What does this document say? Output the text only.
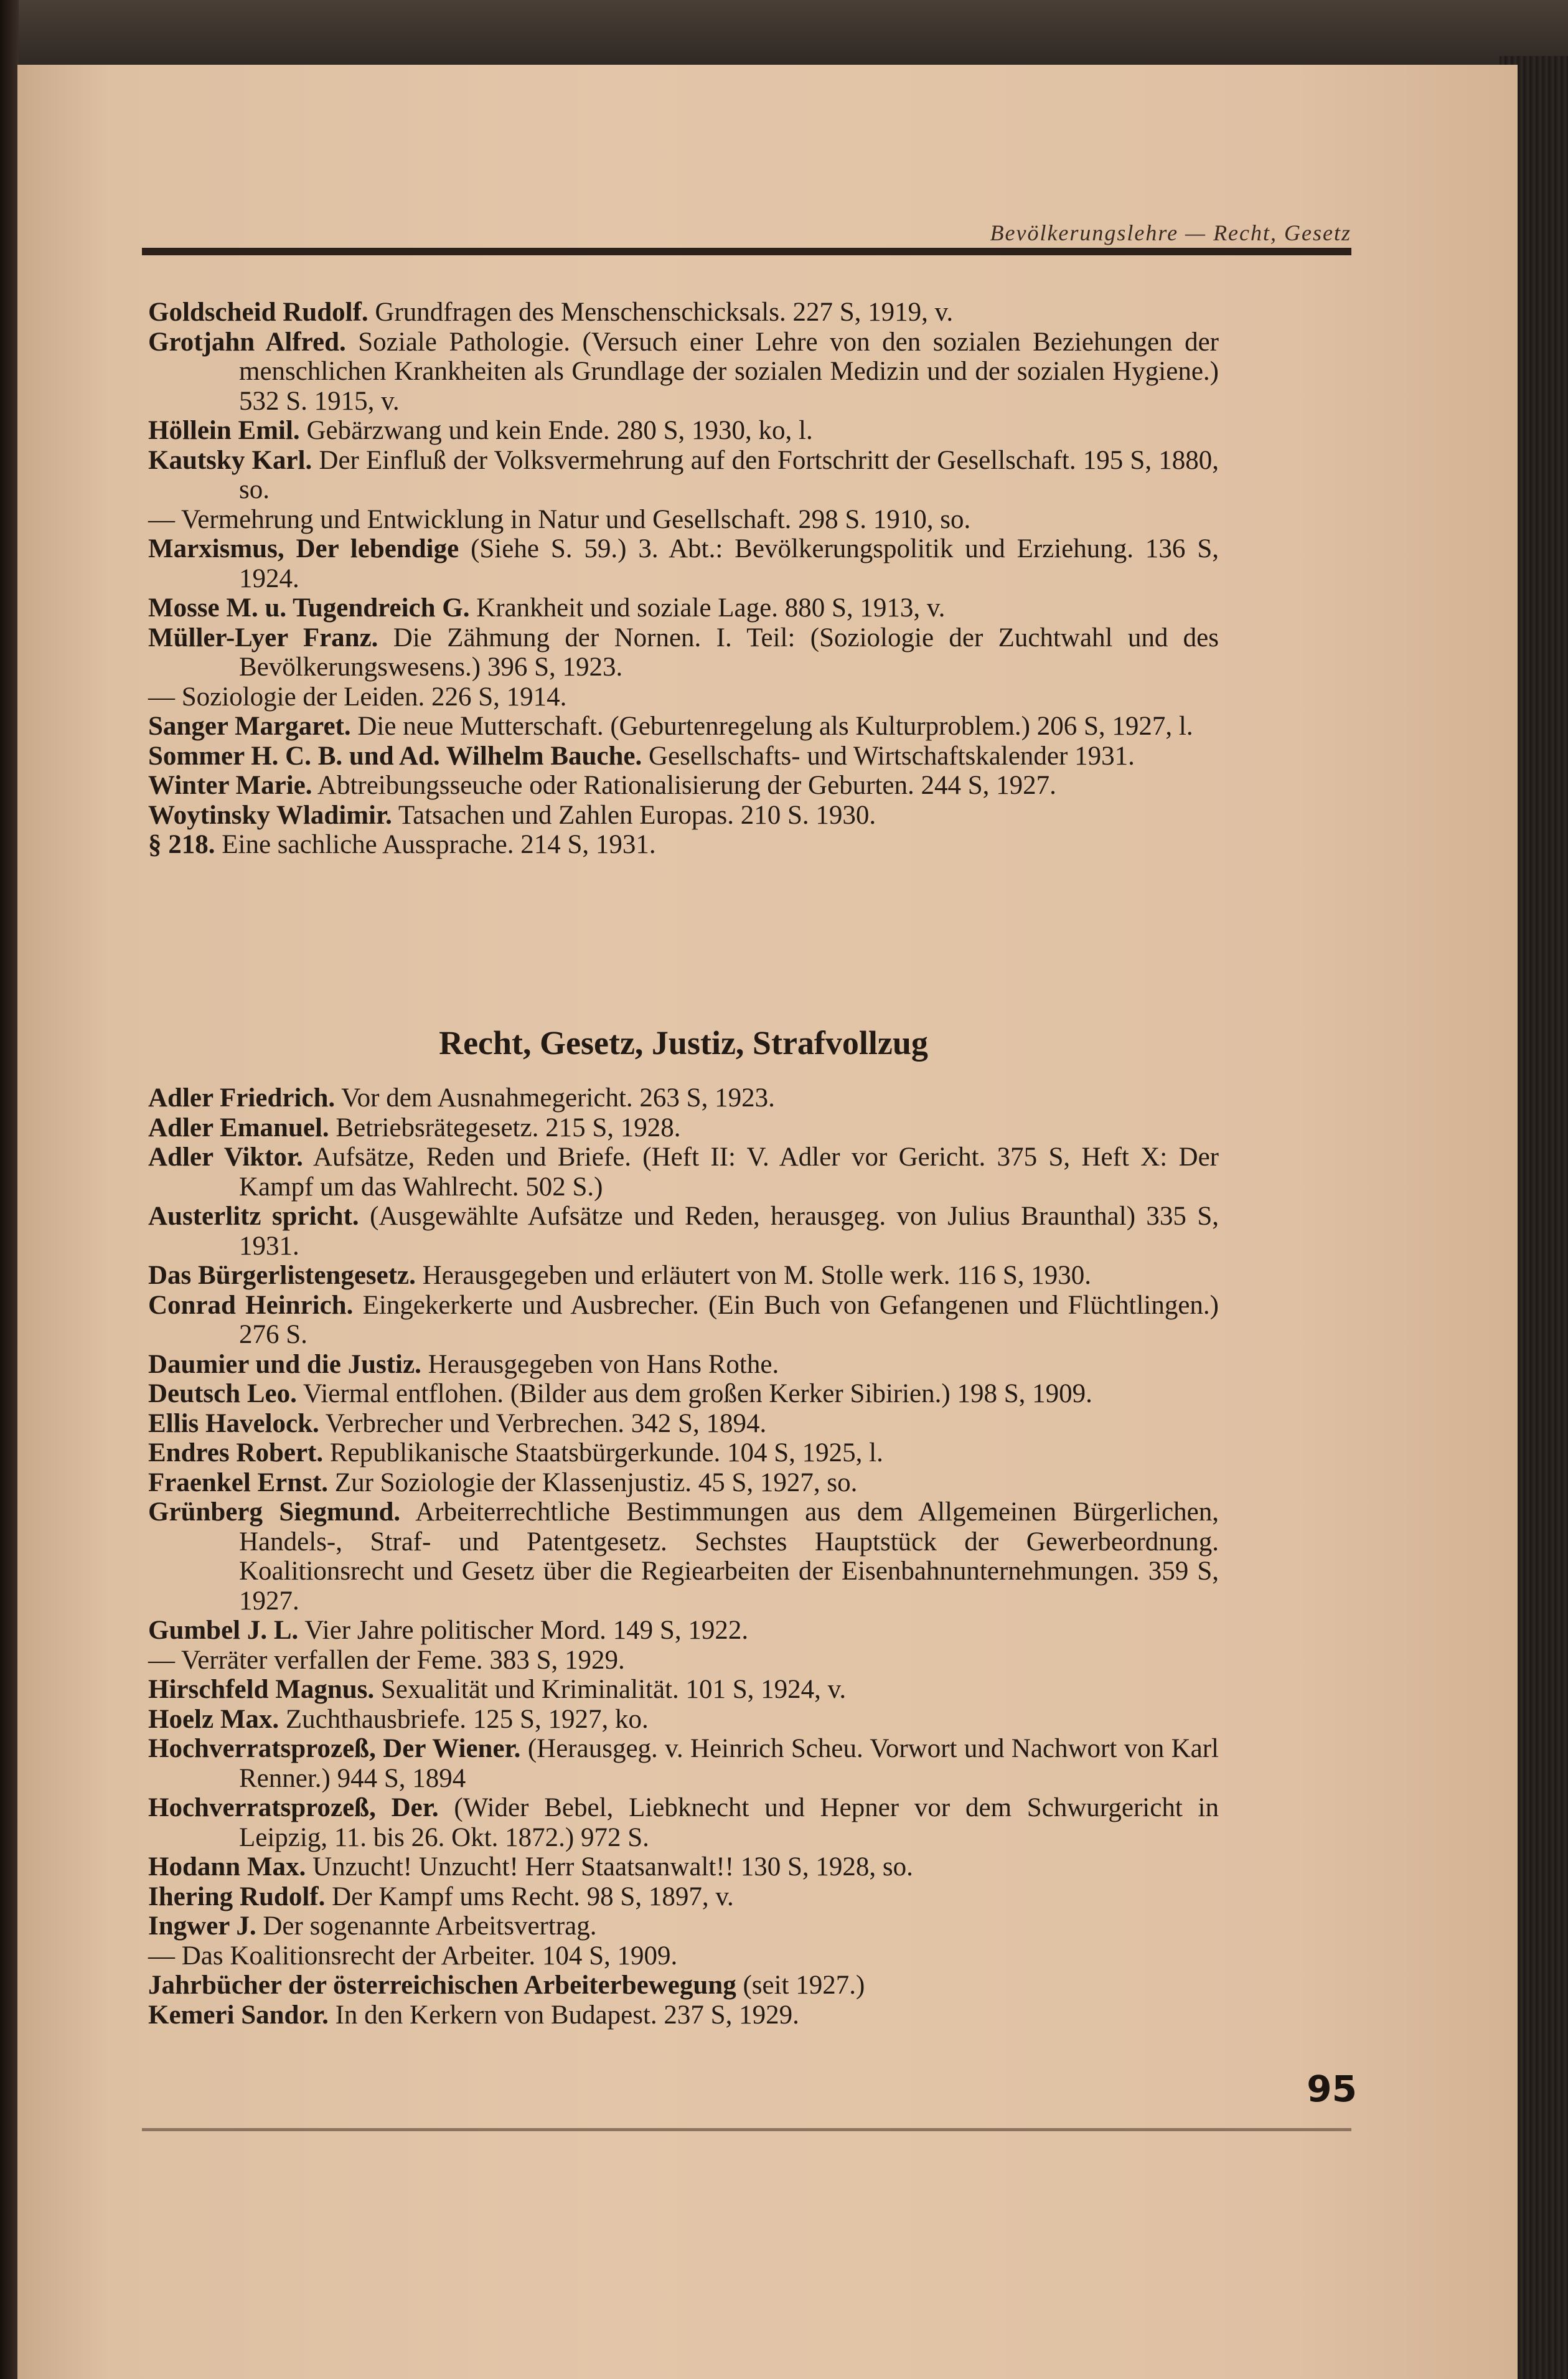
Bevölkerungslehre — Recht, Gesetz
Goldscheid Rudolf. Grundfragen des Menschenschicksals. 227 S, 1919, v.
Grotjahn Alfred. Soziale Pathologie. (Versuch einer Lehre von den sozialen Beziehungen der menschlichen Krankheiten als Grundlage der sozialen Medizin und der sozialen Hygiene.) 532 S. 1915, v.
Höllein Emil. Gebärzwang und kein Ende. 280 S, 1930, ko, l.
Kautsky Karl. Der Einfluß der Volksvermehrung auf den Fortschritt der Gesellschaft. 195 S, 1880, so.
— Vermehrung und Entwicklung in Natur und Gesellschaft. 298 S. 1910, so.
Marxismus, Der lebendige (Siehe S. 59.) 3. Abt.: Bevölkerungspolitik und Erziehung. 136 S, 1924.
Mosse M. u. Tugendreich G. Krankheit und soziale Lage. 880 S, 1913, v.
Müller-Lyer Franz. Die Zähmung der Nornen. I. Teil: (Soziologie der Zuchtwahl und des Bevölkerungswesens.) 396 S, 1923.
— Soziologie der Leiden. 226 S, 1914.
Sanger Margaret. Die neue Mutterschaft. (Geburtenregelung als Kulturproblem.) 206 S, 1927, l.
Sommer H. C. B. und Ad. Wilhelm Bauche. Gesellschafts- und Wirtschaftskalender 1931.
Winter Marie. Abtreibungsseuche oder Rationalisierung der Geburten. 244 S, 1927.
Woytinsky Wladimir. Tatsachen und Zahlen Europas. 210 S. 1930.
§ 218. Eine sachliche Aussprache. 214 S, 1931.
Recht, Gesetz, Justiz, Strafvollzug
Adler Friedrich. Vor dem Ausnahmegericht. 263 S, 1923.
Adler Emanuel. Betriebsrätegesetz. 215 S, 1928.
Adler Viktor. Aufsätze, Reden und Briefe. (Heft II: V. Adler vor Gericht. 375 S, Heft X: Der Kampf um das Wahlrecht. 502 S.)
Austerlitz spricht. (Ausgewählte Aufsätze und Reden, herausgeg. von Julius Braunthal) 335 S, 1931.
Das Bürgerlistengesetz. Herausgegeben und erläutert von M. Stolle werk. 116 S, 1930.
Conrad Heinrich. Eingekerkerte und Ausbrecher. (Ein Buch von Gefangenen und Flüchtlingen.) 276 S.
Daumier und die Justiz. Herausgegeben von Hans Rothe.
Deutsch Leo. Viermal entflohen. (Bilder aus dem großen Kerker Sibirien.) 198 S, 1909.
Ellis Havelock. Verbrecher und Verbrechen. 342 S, 1894.
Endres Robert. Republikanische Staatsbürgerkunde. 104 S, 1925, l.
Fraenkel Ernst. Zur Soziologie der Klassenjustiz. 45 S, 1927, so.
Grünberg Siegmund. Arbeiterrechtliche Bestimmungen aus dem Allgemeinen Bürgerlichen, Handels-, Straf- und Patentgesetz. Sechstes Hauptstück der Gewerbeordnung. Koalitionsrecht und Gesetz über die Regiearbeiten der Eisenbahnunternehmungen. 359 S, 1927.
Gumbel J. L. Vier Jahre politischer Mord. 149 S, 1922.
— Verräter verfallen der Feme. 383 S, 1929.
Hirschfeld Magnus. Sexualität und Kriminalität. 101 S, 1924, v.
Hoelz Max. Zuchthausbriefe. 125 S, 1927, ko.
Hochverratsprozeß, Der Wiener. (Herausgeg. v. Heinrich Scheu. Vorwort und Nachwort von Karl Renner.) 944 S, 1894
Hochverratsprozeß, Der. (Wider Bebel, Liebknecht und Hepner vor dem Schwurgericht in Leipzig, 11. bis 26. Okt. 1872.) 972 S.
Hodann Max. Unzucht! Unzucht! Herr Staatsanwalt!! 130 S, 1928, so.
Ihering Rudolf. Der Kampf ums Recht. 98 S, 1897, v.
Ingwer J. Der sogenannte Arbeitsvertrag.
— Das Koalitionsrecht der Arbeiter. 104 S, 1909.
Jahrbücher der österreichischen Arbeiterbewegung (seit 1927.)
Kemeri Sandor. In den Kerkern von Budapest. 237 S, 1929.
95
